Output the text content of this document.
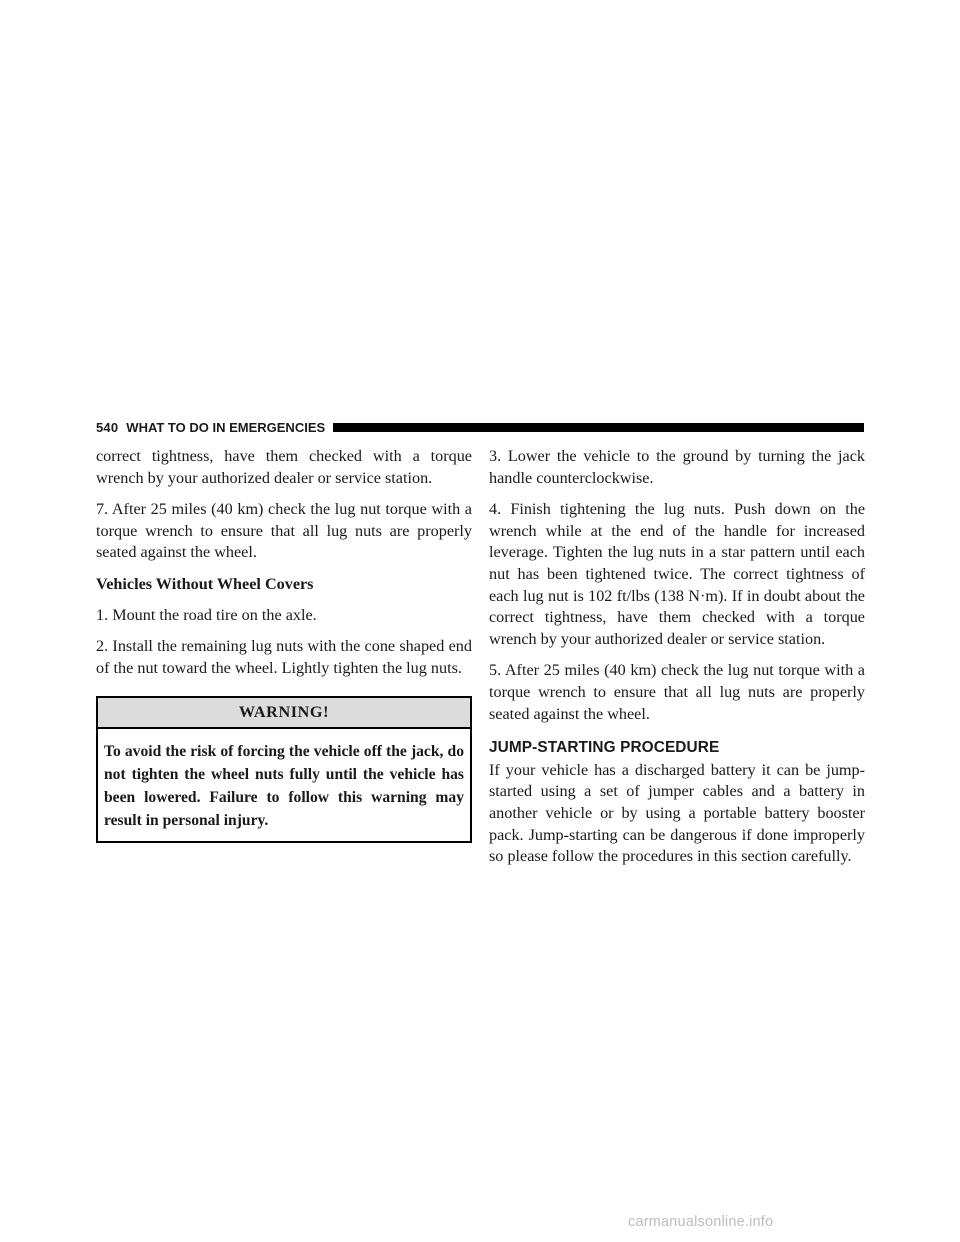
540 WHAT TO DO IN EMERGENCIES

correct tightness, have them checked with a torque wrench by your authorized dealer or service station.

7. After 25 miles (40 km) check the lug nut torque with a torque wrench to ensure that all lug nuts are properly seated against the wheel.

Vehicles Without Wheel Covers

1. Mount the road tire on the axle.

2. Install the remaining lug nuts with the cone shaped end of the nut toward the wheel. Lightly tighten the lug nuts.

WARNING!
To avoid the risk of forcing the vehicle off the jack, do not tighten the wheel nuts fully until the vehicle has been lowered. Failure to follow this warning may result in personal injury.

3. Lower the vehicle to the ground by turning the jack handle counterclockwise.

4. Finish tightening the lug nuts. Push down on the wrench while at the end of the handle for increased leverage. Tighten the lug nuts in a star pattern until each nut has been tightened twice. The correct tightness of each lug nut is 102 ft/lbs (138 N·m). If in doubt about the correct tightness, have them checked with a torque wrench by your authorized dealer or service station.

5. After 25 miles (40 km) check the lug nut torque with a torque wrench to ensure that all lug nuts are properly seated against the wheel.

JUMP-STARTING PROCEDURE

If your vehicle has a discharged battery it can be jump-started using a set of jumper cables and a battery in another vehicle or by using a portable battery booster pack. Jump-starting can be dangerous if done improperly so please follow the procedures in this section carefully.

carmanualsonline.info
